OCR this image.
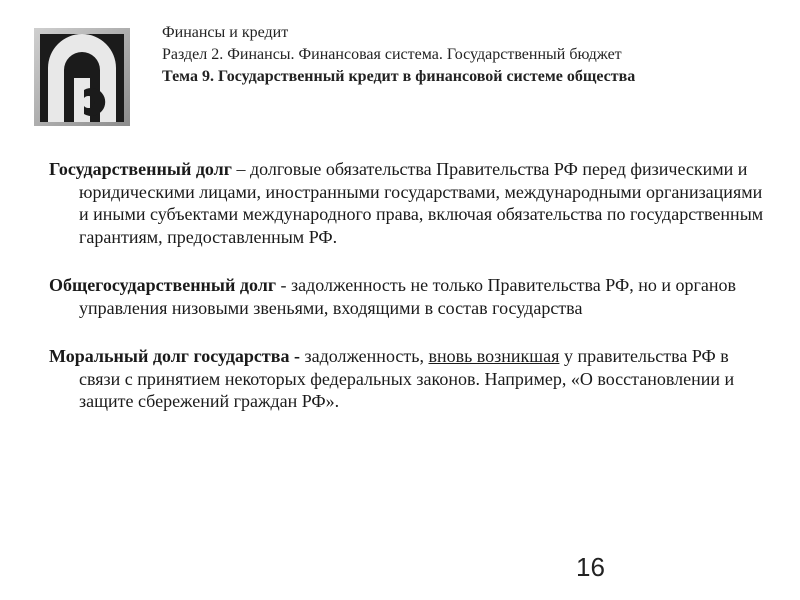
Финансы и кредит
Раздел 2. Финансы. Финансовая система. Государственный бюджет
Тема 9. Государственный кредит в финансовой системе общества

Государственный долг – долговые обязательства Правительства РФ перед физическими и юридическими лицами, иностранными государствами, международными организациями и иными субъектами международного права, включая обязательства по государственным гарантиям, предоставленным РФ.

Общегосударственный долг - задолженность не только Правительства РФ, но и органов управления низовыми звеньями, входящими в состав государства

Моральный долг государства - задолженность, вновь возникшая у правительства РФ в связи с принятием некоторых федеральных законов. Например, «О восстановлении и защите сбережений граждан РФ».

16
